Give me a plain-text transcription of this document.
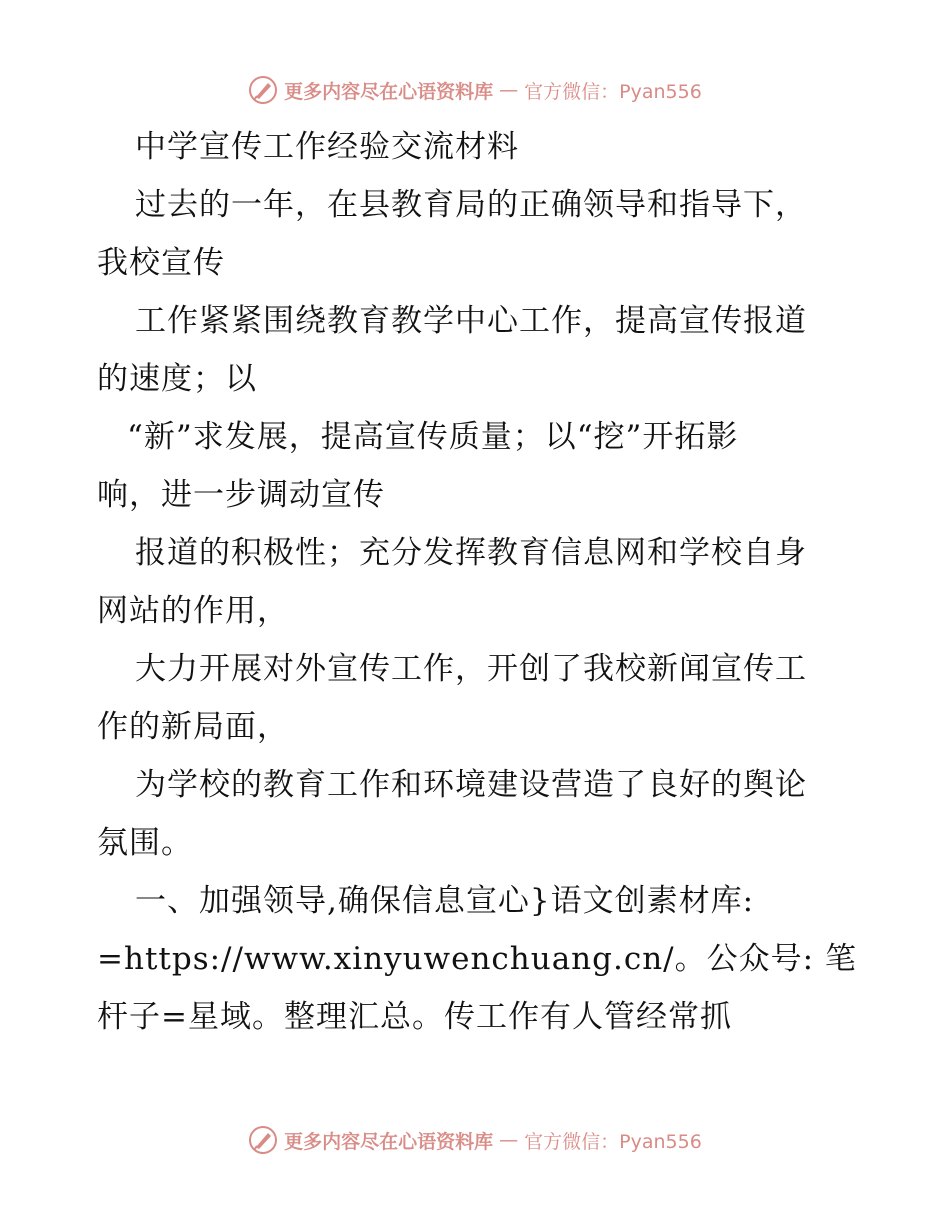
更多内容尽在心语资料库 — 官方微信：Pyan556
中学宣传工作经验交流材料
过去的一年，在县教育局的正确领导和指导下，
我校宣传
工作紧紧围绕教育教学中心工作，提高宣传报道
的速度；以
“新”求发展，提高宣传质量；以“挖”开拓影
响，进一步调动宣传
报道的积极性；充分发挥教育信息网和学校自身
网站的作用，
大力开展对外宣传工作，开创了我校新闻宣传工
作的新局面，
为学校的教育工作和环境建设营造了良好的舆论
氛围。
一、加强领导,确保信息宣心}语文创素材库:
=https://www.xinyuwenchuang.cn/。公众号: 笔
杆子=星域。整理汇总。传工作有人管经常抓
更多内容尽在心语资料库 — 官方微信：Pyan556
